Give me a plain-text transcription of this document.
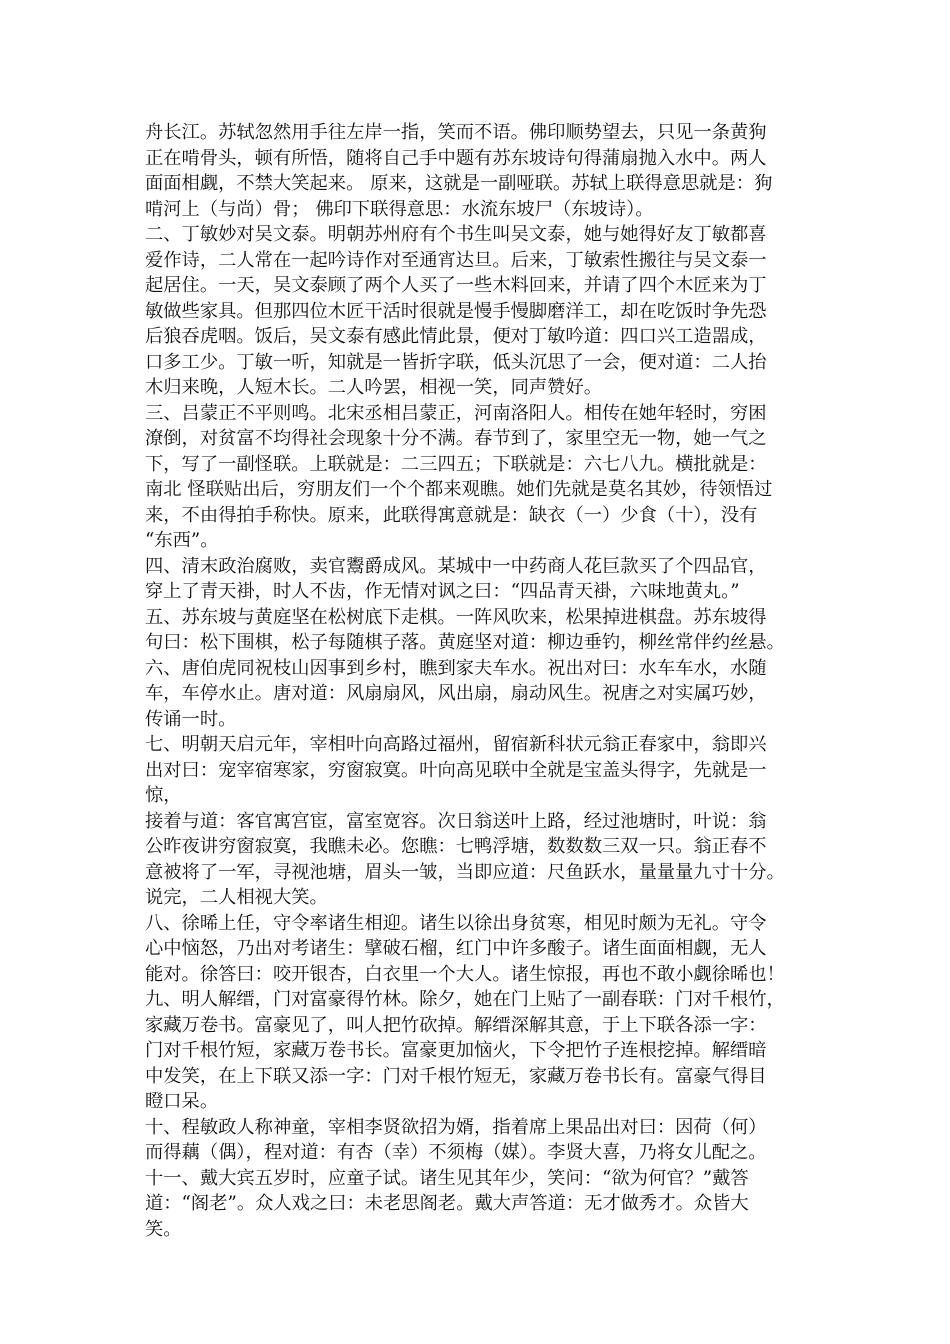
舟长江。苏轼忽然用手往左岸一指，笑而不语。佛印顺势望去，只见一条黄狗
正在啃骨头，顿有所悟，随将自己手中题有苏东坡诗句得蒲扇抛入水中。两人
面面相觑，不禁大笑起来。 原来，这就是一副哑联。苏轼上联得意思就是：狗
啃河上（与尚）骨； 佛印下联得意思：水流东坡尸（东坡诗）。
二、丁敏妙对吴文泰。明朝苏州府有个书生叫吴文泰，她与她得好友丁敏都喜
爱作诗，二人常在一起吟诗作对至通宵达旦。后来，丁敏索性搬往与吴文泰一
起居住。一天，吴文泰顾了两个人买了一些木料回来，并请了四个木匠来为丁
敏做些家具。但那四位木匠干活时很就是慢手慢脚磨洋工，却在吃饭时争先恐
后狼吞虎咽。饭后，吴文泰有感此情此景，便对丁敏吟道：四口兴工造噐成，
口多工少。丁敏一听，知就是一皆折字联，低头沉思了一会，便对道：二人抬
木归来晚，人短木长。二人吟罢，相视一笑，同声赞好。
三、吕蒙正不平则鸣。北宋丞相吕蒙正，河南洛阳人。相传在她年轻时，穷困
潦倒，对贫富不均得社会现象十分不满。春节到了，家里空无一物，她一气之
下，写了一副怪联。上联就是：二三四五；下联就是：六七八九。横批就是：
南北 怪联贴出后，穷朋友们一个个都来观瞧。她们先就是莫名其妙，待领悟过
来，不由得拍手称快。原来，此联得寓意就是：缺衣（一）少食（十），没有
“东西”。
四、清末政治腐败，卖官鬻爵成风。某城中一中药商人花巨款买了个四品官，
穿上了青天褂，时人不齿，作无情对讽之曰：“四品青天褂，六味地黄丸。”
五、苏东坡与黄庭坚在松树底下走棋。一阵风吹来，松果掉进棋盘。苏东坡得
句曰：松下围棋，松子每随棋子落。黄庭坚对道：柳边垂钓，柳丝常伴约丝悬。
六、唐伯虎同祝枝山因事到乡村，瞧到家夫车水。祝出对曰：水车车水，水随
车，车停水止。唐对道：风扇扇风，风出扇，扇动风生。祝唐之对实属巧妙，
传诵一时。
七、明朝天启元年，宰相叶向高路过福州，留宿新科状元翁正春家中，翁即兴
出对曰：宠宰宿寒家，穷窗寂寞。叶向高见联中全就是宝盖头得字，先就是一
惊，
接着与道：客官寓宫宦，富室宽容。次日翁送叶上路，经过池塘时，叶说：翁
公昨夜讲穷窗寂寞，我瞧未必。您瞧：七鸭浮塘，数数数三双一只。翁正春不
意被将了一军，寻视池塘，眉头一皱，当即应道：尺鱼跃水，量量量九寸十分。
说完，二人相视大笑。
八、徐晞上任，守令率诸生相迎。诸生以徐出身贫寒，相见时颇为无礼。守令
心中恼怒，乃出对考诸生：擘破石榴，红门中许多酸子。诸生面面相觑，无人
能对。徐答曰：咬开银杏，白衣里一个大人。诸生惊报，再也不敢小觑徐晞也！
九、明人解缙，门对富豪得竹林。除夕，她在门上贴了一副春联：门对千根竹，
家藏万卷书。富豪见了，叫人把竹砍掉。解缙深解其意，于上下联各添一字：
门对千根竹短，家藏万卷书长。富豪更加恼火，下令把竹子连根挖掉。解缙暗
中发笑，在上下联又添一字：门对千根竹短无，家藏万卷书长有。富豪气得目
瞪口呆。
十、程敏政人称神童，宰相李贤欲招为婿，指着席上果品出对曰：因荷（何）
而得藕（偶），程对道：有杏（幸）不须梅（媒）。李贤大喜，乃将女儿配之。
十一、戴大宾五岁时，应童子试。诸生见其年少，笑问：“欲为何官？”戴答
道：“阁老”。众人戏之曰：未老思阁老。戴大声答道：无才做秀才。众皆大
笑。
